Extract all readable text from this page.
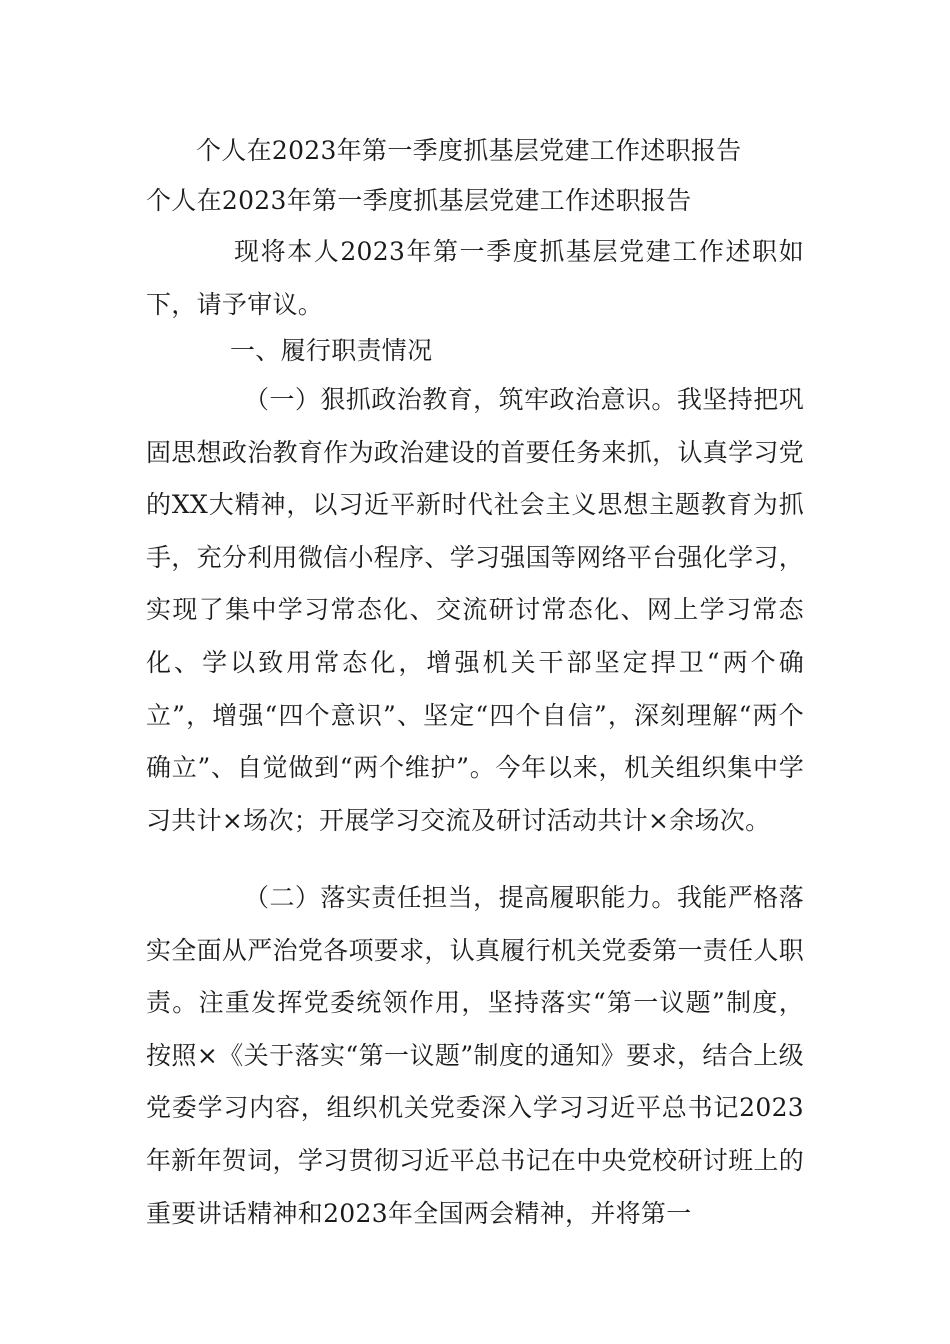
个人在2023年第一季度抓基层党建工作述职报告
个人在2023年第一季度抓基层党建工作述职报告

现将本人2023年第一季度抓基层党建工作述职如下，请予审议。

一、履行职责情况

（一）狠抓政治教育，筑牢政治意识。我坚持把巩固思想政治教育作为政治建设的首要任务来抓，认真学习党的XX大精神，以习近平新时代社会主义思想主题教育为抓手，充分利用微信小程序、学习强国等网络平台强化学习，实现了集中学习常态化、交流研讨常态化、网上学习常态化、学以致用常态化，增强机关干部坚定捍卫“两个确立”，增强“四个意识”、坚定“四个自信”，深刻理解“两个确立”、自觉做到“两个维护”。今年以来，机关组织集中学习共计×场次；开展学习交流及研讨活动共计×余场次。

（二）落实责任担当，提高履职能力。我能严格落实全面从严治党各项要求，认真履行机关党委第一责任人职责。注重发挥党委统领作用，坚持落实“第一议题”制度，按照×《关于落实“第一议题”制度的通知》要求，结合上级党委学习内容，组织机关党委深入学习习近平总书记2023年新年贺词，学习贯彻习近平总书记在中央党校研讨班上的重要讲话精神和2023年全国两会精神，并将第一
